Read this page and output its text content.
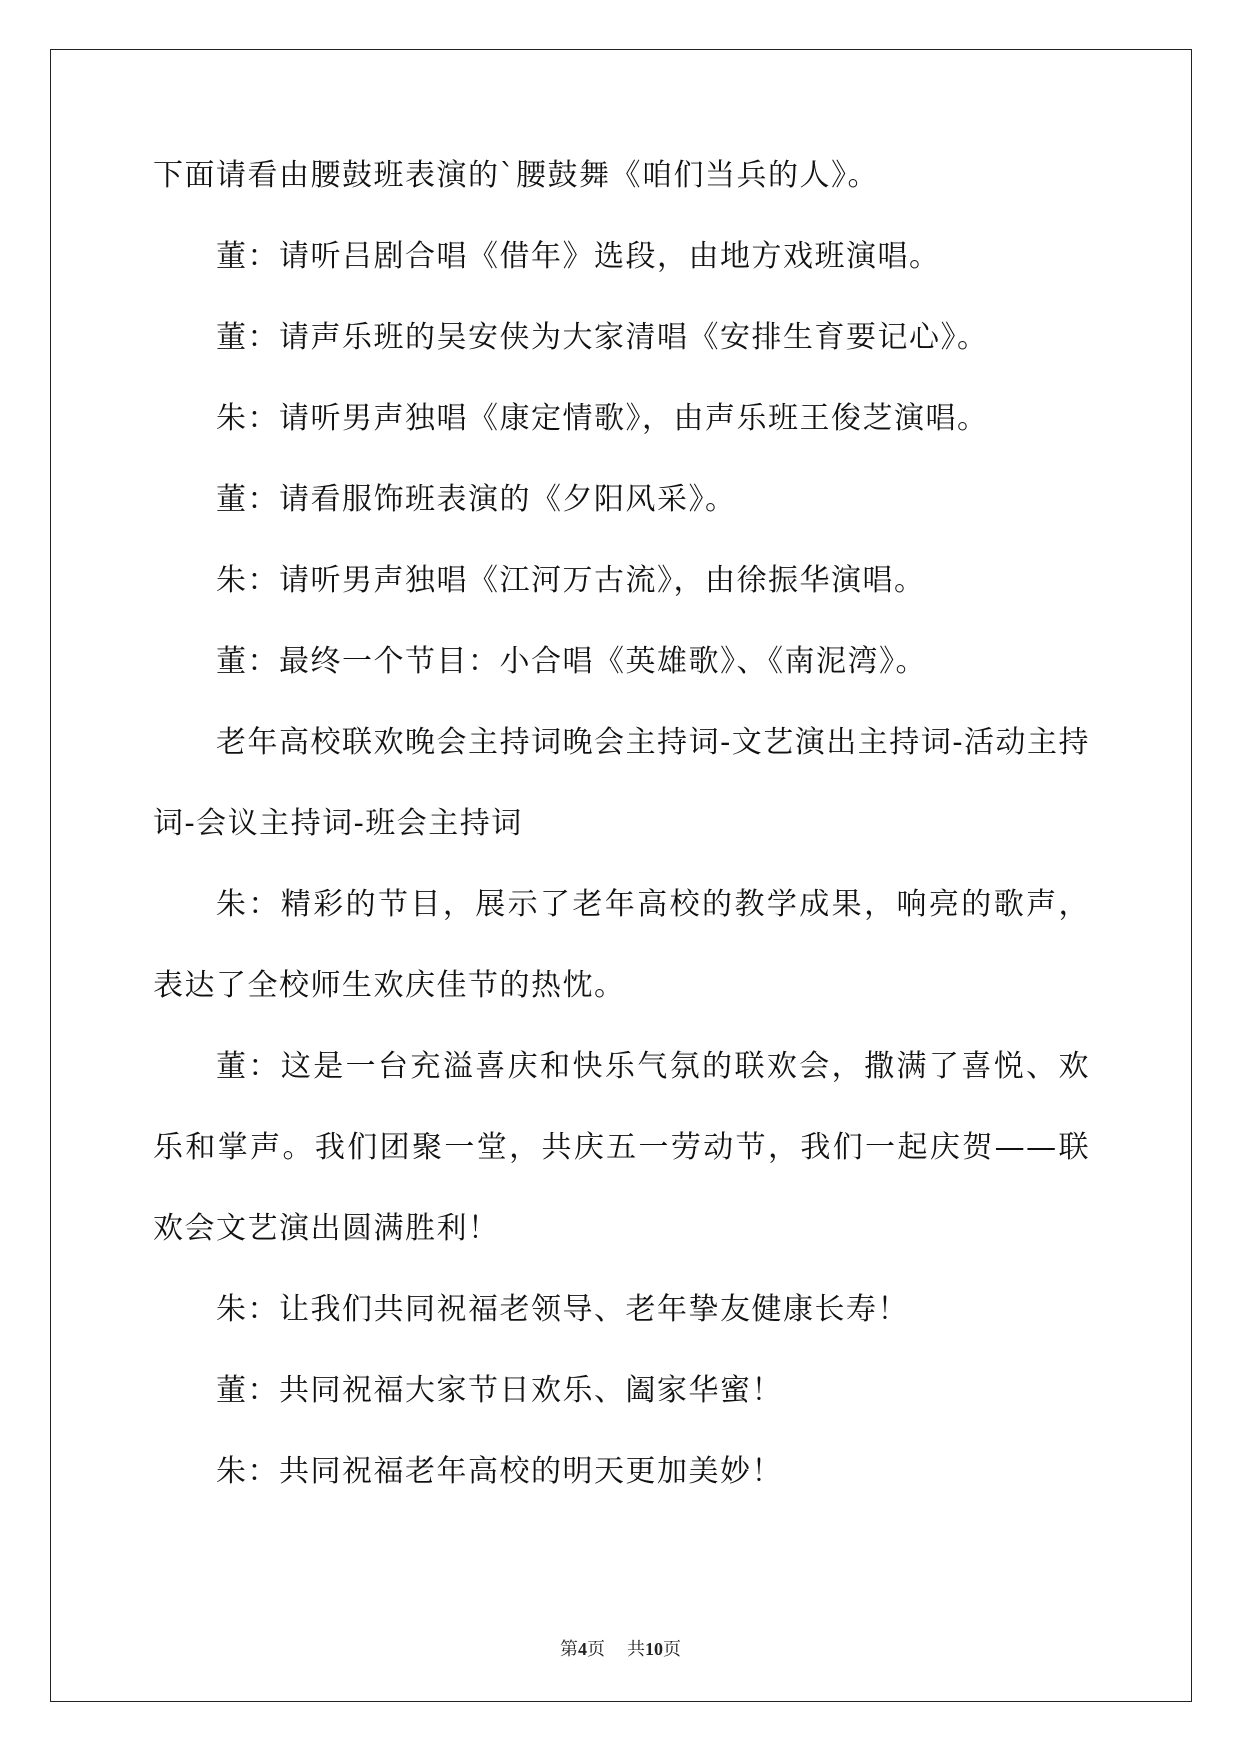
下面请看由腰鼓班表演的`腰鼓舞《咱们当兵的人》。

董：请听吕剧合唱《借年》选段，由地方戏班演唱。

董：请声乐班的吴安侠为大家清唱《安排生育要记心》。

朱：请听男声独唱《康定情歌》，由声乐班王俊芝演唱。

董：请看服饰班表演的《夕阳风采》。

朱：请听男声独唱《江河万古流》，由徐振华演唱。

董：最终一个节目：小合唱《英雄歌》、《南泥湾》。

老年高校联欢晚会主持词晚会主持词-文艺演出主持词-活动主持词-会议主持词-班会主持词

朱：精彩的节目，展示了老年高校的教学成果，响亮的歌声，表达了全校师生欢庆佳节的热忱。

董：这是一台充溢喜庆和快乐气氛的联欢会，撒满了喜悦、欢乐和掌声。我们团聚一堂，共庆五一劳动节，我们一起庆贺——联欢会文艺演出圆满胜利！

朱：让我们共同祝福老领导、老年挚友健康长寿！

董：共同祝福大家节日欢乐、阖家华蜜！

朱：共同祝福老年高校的明天更加美妙！

第4页 共10页
